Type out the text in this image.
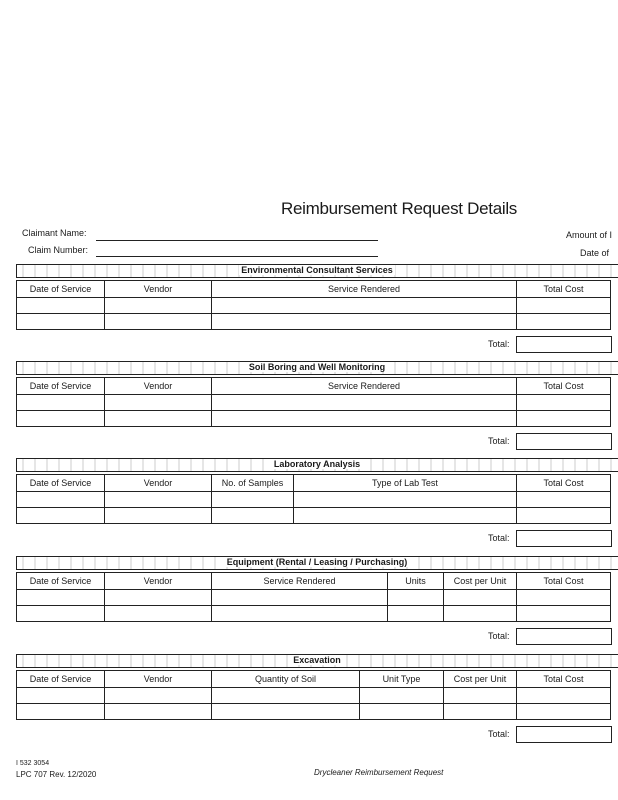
Reimbursement Request Details
Claimant Name:
Claim Number:
Amount of I
Date of
Environmental Consultant Services
Date of Service	Vendor	Service Rendered	Total Cost

Total:
Soil Boring and Well Monitoring
Date of Service	Vendor	Service Rendered	Total Cost

Total:
Laboratory Analysis
Date of Service	Vendor	No. of Samples	Type of Lab Test	Total Cost

Total:
Equipment (Rental / Leasing / Purchasing)
Date of Service	Vendor	Service Rendered	Units	Cost per Unit	Total Cost

Total:
Excavation
Date of Service	Vendor	Quantity of Soil	Unit Type	Cost per Unit	Total Cost

Total:
I 532 3054
LPC 707 Rev. 12/2020	Drycleaner Reimbursement Request
